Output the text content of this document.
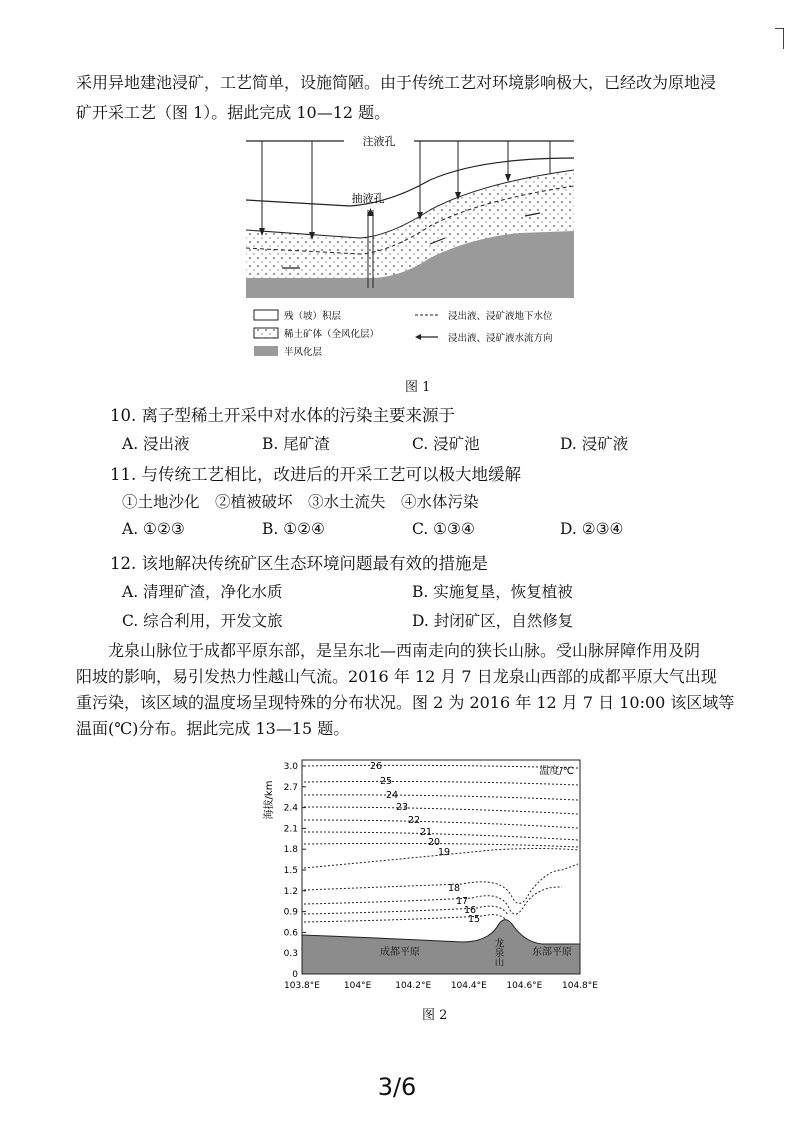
采用异地建池浸矿，工艺简单，设施简陋。由于传统工艺对环境影响极大，已经改为原地浸
矿开采工艺（图 1）。据此完成 10—12 题。
注液孔
抽液孔
残（坡）积层
稀土矿体（全风化层）
半风化层
浸出液、浸矿液地下水位
浸出液、浸矿液水流方向
图 1
10. 离子型稀土开采中对水体的污染主要来源于
A. 浸出液	B. 尾矿渣	C. 浸矿池	D. 浸矿液
11. 与传统工艺相比，改进后的开采工艺可以极大地缓解
①土地沙化　②植被破坏　③水土流失　④水体污染
A. ①②③	B. ①②④	C. ①③④	D. ②③④
12. 该地解决传统矿区生态环境问题最有效的措施是
A. 清理矿渣，净化水质	B. 实施复垦，恢复植被
C. 综合利用，开发文旅	D. 封闭矿区，自然修复
龙泉山脉位于成都平原东部，是呈东北—西南走向的狭长山脉。受山脉屏障作用及阴
阳坡的影响，易引发热力性越山气流。2016 年 12 月 7 日龙泉山西部的成都平原大气出现
重污染，该区域的温度场呈现特殊的分布状况。图 2 为 2016 年 12 月 7 日 10:00 该区域等
温面(℃)分布。据此完成 13—15 题。
海拔/km
温度/℃
3.0
2.7
2.4
2.1
1.8
1.5
1.2
0.9
0.6
0.3
0
103.8°E	104°E	104.2°E 104.4°E 104.6°E 104.8°E
26
25
24
23
22
21
20
19
18
17
16
15
成都平原	龙泉山	东部平原
图 2
3/6
